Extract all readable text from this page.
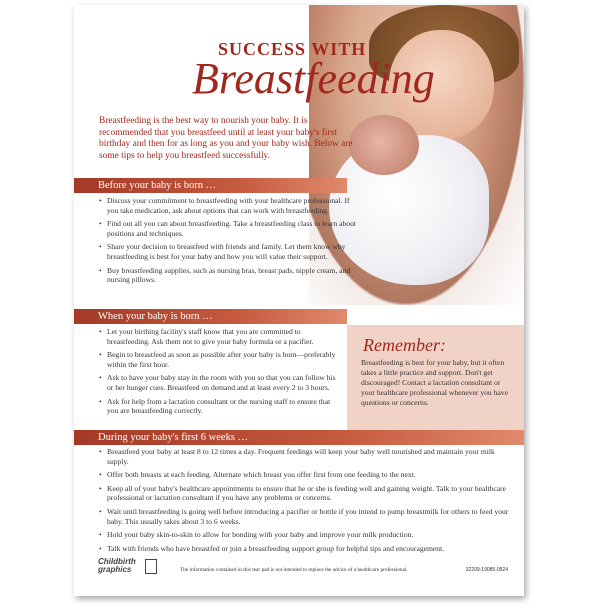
SUCCESS WITH
Breastfeeding
Breastfeeding is the best way to nourish your baby. It is recommended that you breastfeed until at least your baby's first birthday and then for as long as you and your baby wish. Below are some tips to help you breastfeed successfully.
Before your baby is born …
• Discuss your commitment to breastfeeding with your healthcare professional. If you take medication, ask about options that can work with breastfeeding.
• Find out all you can about breastfeeding. Take a breastfeeding class to learn about positions and techniques.
• Share your decision to breastfeed with friends and family. Let them know why breastfeeding is best for your baby and how you will value their support.
• Buy breastfeeding supplies, such as nursing bras, breast pads, nipple cream, and nursing pillows.
When your baby is born …
• Let your birthing facility's staff know that you are committed to breastfeeding. Ask them not to give your baby formula or a pacifier.
• Begin to breastfeed as soon as possible after your baby is born—preferably within the first hour.
• Ask to have your baby stay in the room with you so that you can follow his or her hunger cues. Breastfeed on demand and at least every 2 to 3 hours.
• Ask for help from a lactation consultant or the nursing staff to ensure that you are breastfeeding correctly.
Remember:
Breastfeeding is best for your baby, but it often takes a little practice and support. Don't get discouraged! Contact a lactation consultant or your healthcare professional whenever you have questions or concerns.
During your baby's first 6 weeks …
• Breastfeed your baby at least 8 to 12 times a day. Frequent feedings will keep your baby well nourished and maintain your milk supply.
• Offer both breasts at each feeding. Alternate which breast you offer first from one feeding to the next.
• Keep all of your baby's healthcare appointments to ensure that he or she is feeding well and gaining weight. Talk to your healthcare professional or lactation consultant if you have any problems or concerns.
• Wait until breastfeeding is going well before introducing a pacifier or bottle if you intend to pump breastmilk for others to feed your baby. This usually takes about 3 to 6 weeks.
• Hold your baby skin-to-skin to allow for bonding with your baby and improve your milk production.
• Talk with friends who have breastfed or join a breastfeeding support group for helpful tips and encouragement.
Childbirth
graphics	The information contained in this tear pad is not intended to replace the advice of a healthcare professional.	32209-19085-0524
